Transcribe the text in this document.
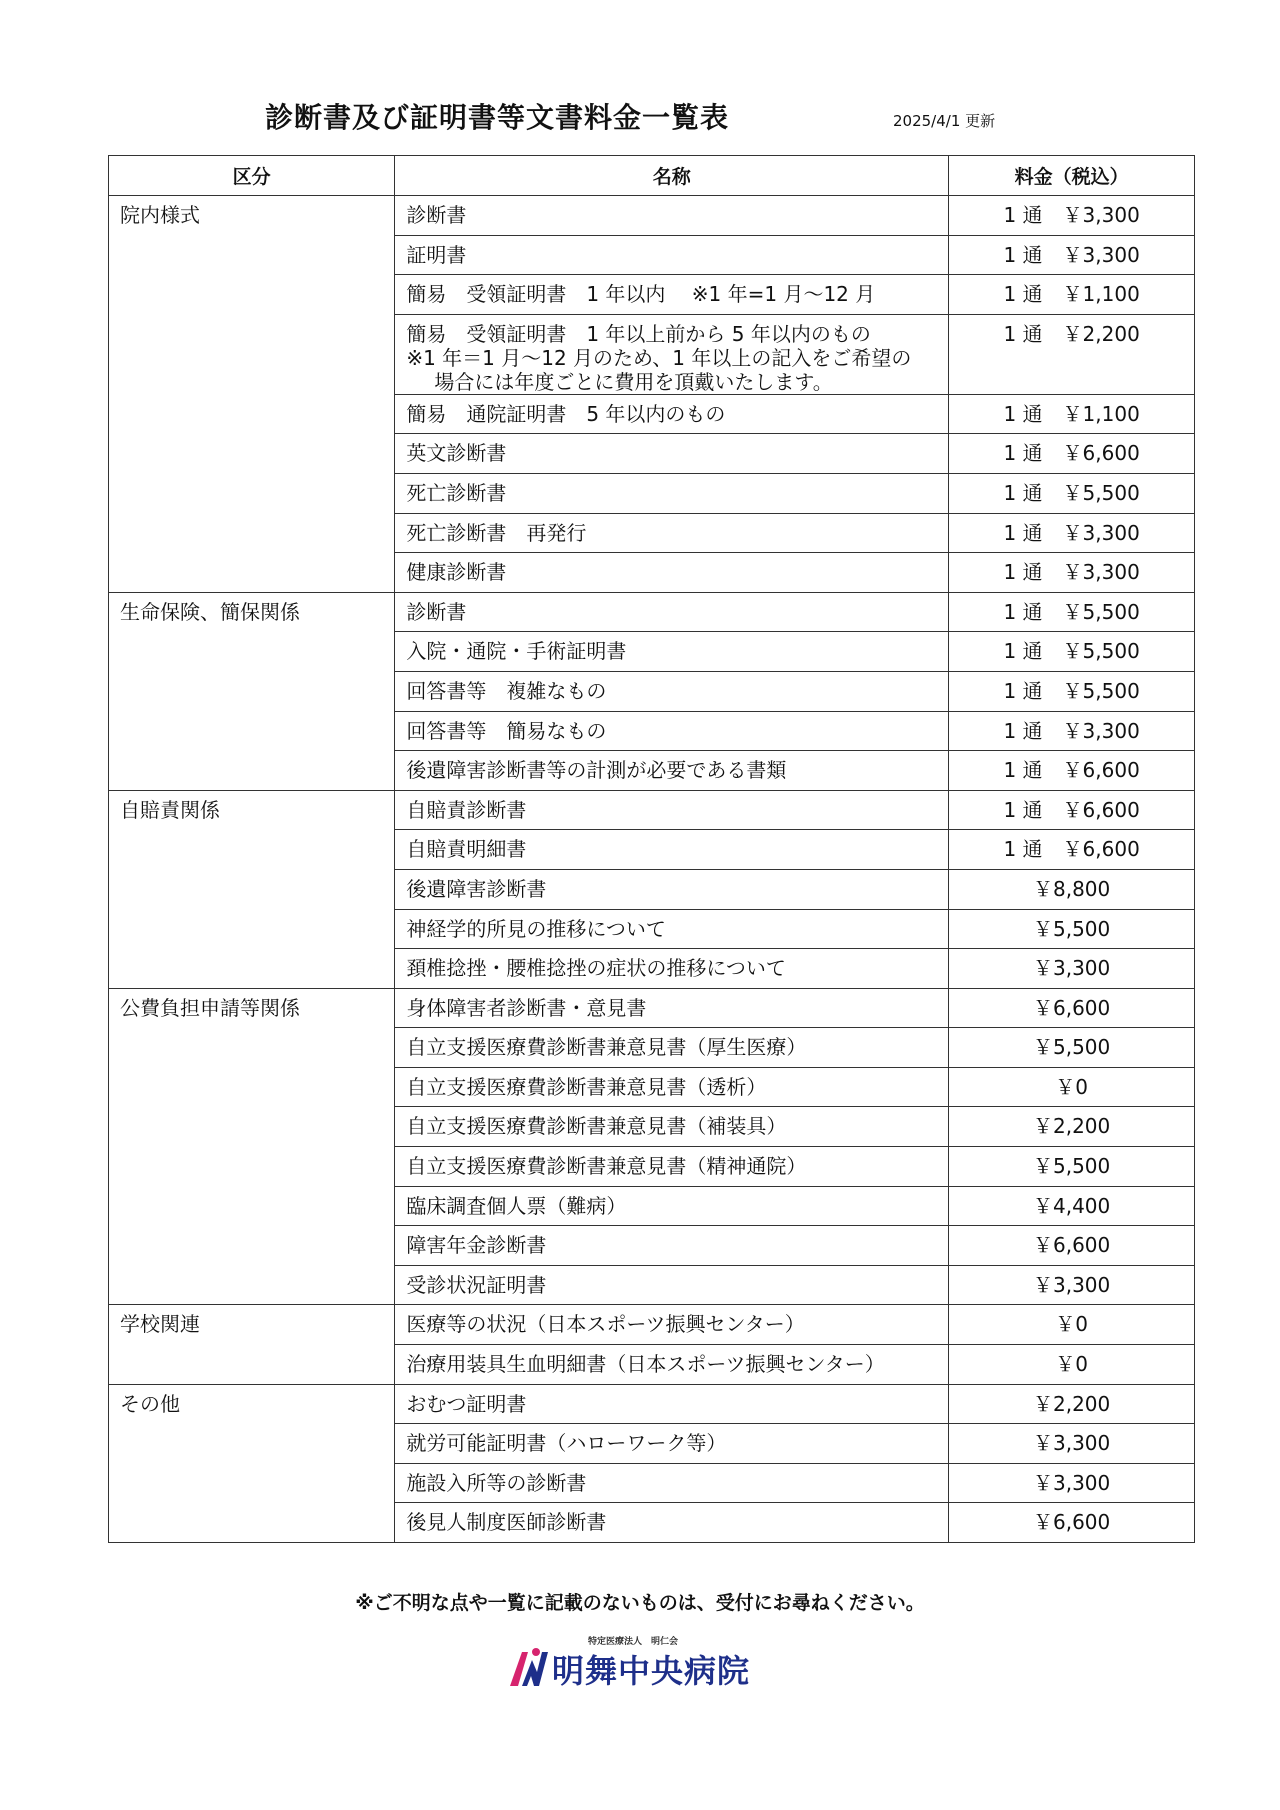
診断書及び証明書等文書料金一覧表	2025/4/1 更新
区分	名称	料金（税込）
院内様式	診断書	1 通　￥3,300
	証明書	1 通　￥3,300
	簡易　受領証明書　1 年以内　 ※1 年=1 月～12 月	1 通　￥1,100

	簡易　受領証明書　1 年以上前から 5 年以内のもの
※1 年＝1 月～12 月のため、1 年以上の記入をご希望の
場合には年度ごとに費用を頂戴いたします。	1 通　￥2,200
	簡易　通院証明書　5 年以内のもの	1 通　￥1,100
	英文診断書	1 通　￥6,600
	死亡診断書	1 通　￥5,500
	死亡診断書　再発行	1 通　￥3,300
	健康診断書	1 通　￥3,300
生命保険、簡保関係	診断書	1 通　￥5,500
	入院・通院・手術証明書	1 通　￥5,500
	回答書等　複雑なもの	1 通　￥5,500
	回答書等　簡易なもの	1 通　￥3,300
	後遺障害診断書等の計測が必要である書類	1 通　￥6,600
自賠責関係	自賠責診断書	1 通　￥6,600
	自賠責明細書	1 通　￥6,600
	後遺障害診断書	￥8,800
	神経学的所見の推移について	￥5,500
	頚椎捻挫・腰椎捻挫の症状の推移について	￥3,300
公費負担申請等関係	身体障害者診断書・意見書	￥6,600
	自立支援医療費診断書兼意見書（厚生医療）	￥5,500
	自立支援医療費診断書兼意見書（透析）	￥0
	自立支援医療費診断書兼意見書（補装具）	￥2,200
	自立支援医療費診断書兼意見書（精神通院）	￥5,500
	臨床調査個人票（難病）	￥4,400
	障害年金診断書	￥6,600
	受診状況証明書	￥3,300
学校関連	医療等の状況（日本スポーツ振興センター）	￥0
	治療用装具生血明細書（日本スポーツ振興センター）	￥0
その他	おむつ証明書	￥2,200
	就労可能証明書（ハローワーク等）	￥3,300
	施設入所等の診断書	￥3,300
	後見人制度医師診断書	￥6,600
※ご不明な点や一覧に記載のないものは、受付にお尋ねください。
特定医療法人　明仁会
明舞中央病院
